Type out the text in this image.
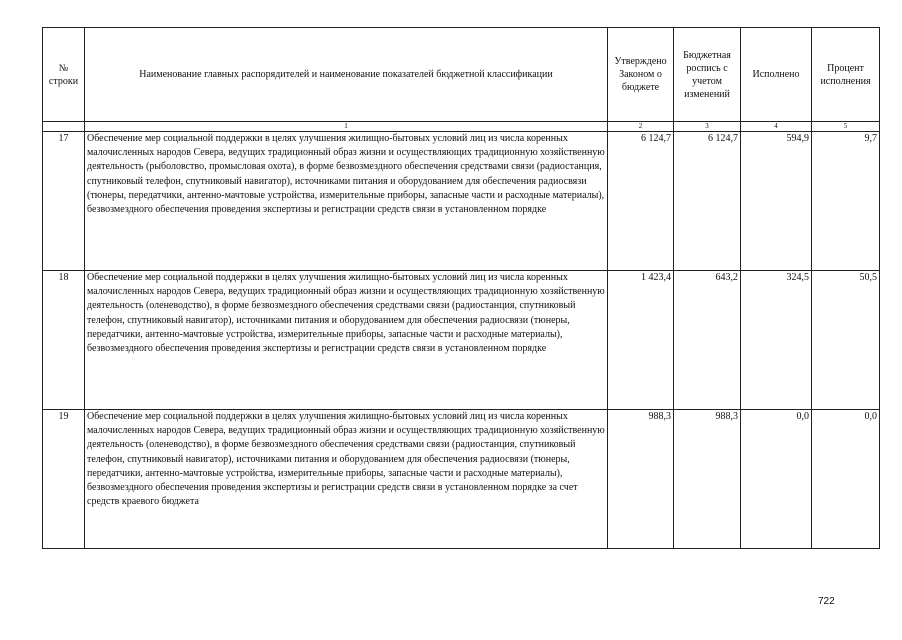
№ строки	Наименование главных распорядителей и наименование показателей бюджетной классификации	Утверждено Законом о бюджете	Бюджетная роспись с учетом изменений	Исполнено	Процент исполнения
	1	2	3	4	5
17	Обеспечение мер социальной поддержки в целях улучшения жилищно-бытовых условий лиц из числа коренных малочисленных народов Севера, ведущих традиционный образ жизни и осуществляющих традиционную хозяйственную деятельность (рыболовство, промысловая охота), в форме безвозмездного обеспечения средствами связи (радиостанция, спутниковый телефон, спутниковый навигатор), источниками питания и оборудованием для обеспечения радиосвязи (тюнеры, передатчики, антенно-мачтовые устройства, измерительные приборы, запасные части и расходные материалы), безвозмездного обеспечения проведения экспертизы и регистрации средств связи в установленном порядке	6 124,7	6 124,7	594,9	9,7
18	Обеспечение мер социальной поддержки в целях улучшения жилищно-бытовых условий лиц из числа коренных малочисленных народов Севера, ведущих традиционный образ жизни и осуществляющих традиционную хозяйственную деятельность (оленеводство), в форме безвозмездного обеспечения средствами связи (радиостанция, спутниковый телефон, спутниковый навигатор), источниками питания и оборудованием для обеспечения радиосвязи (тюнеры, передатчики, антенно-мачтовые устройства, измерительные приборы, запасные части и расходные материалы), безвозмездного обеспечения проведения экспертизы и регистрации средств связи в установленном порядке	1 423,4	643,2	324,5	50,5
19	Обеспечение мер социальной поддержки в целях улучшения жилищно-бытовых условий лиц из числа коренных малочисленных народов Севера, ведущих традиционный образ жизни и осуществляющих традиционную хозяйственную деятельность (оленеводство), в форме безвозмездного обеспечения средствами связи (радиостанция, спутниковый телефон, спутниковый навигатор), источниками питания и оборудованием для обеспечения радиосвязи (тюнеры, передатчики, антенно-мачтовые устройства, измерительные приборы, запасные части и расходные материалы), безвозмездного обеспечения проведения экспертизы и регистрации средств связи в установленном порядке за счет средств краевого бюджета	988,3	988,3	0,0	0,0
722
